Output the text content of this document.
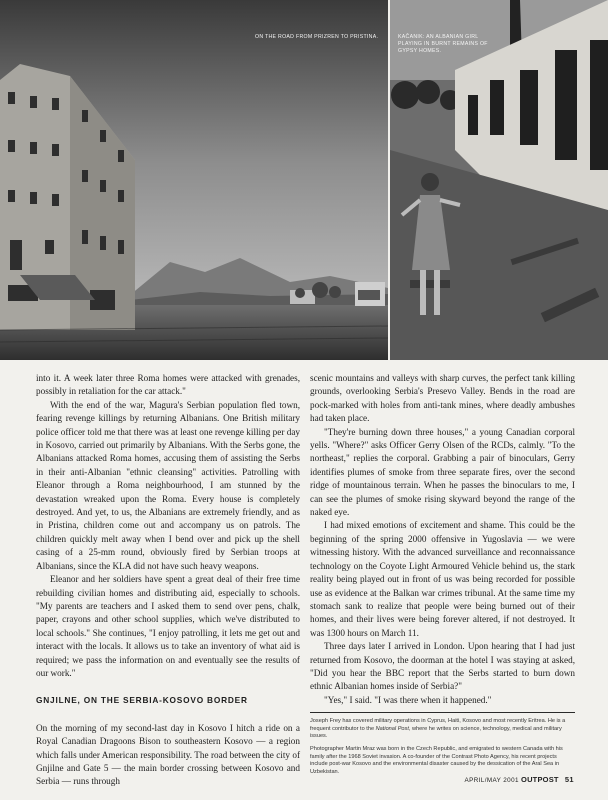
ON THE ROAD FROM PRIZREN TO PRISTINA.	KAČANIK: AN ALBANIAN GIRL PLAYING IN BURNT REMAINS OF GYPSY HOMES.

into it. A week later three Roma homes were attacked with grenades, possibly in retaliation for the car attack."

With the end of the war, Magura's Serbian population fled town, fearing revenge killings by returning Albanians. One British military police officer told me that there was at least one revenge killing per day in Kosovo, carried out primarily by Albanians. With the Serbs gone, the Albanians attacked Roma homes, accusing them of assisting the Serbs in their anti-Albanian "ethnic cleansing" activities. Patrolling with Eleanor through a Roma neighbourhood, I am stunned by the devastation wreaked upon the Roma. Every house is completely destroyed. And yet, to us, the Albanians are extremely friendly, and as in Pristina, children come out and accompany us on patrols. The children quickly melt away when I bend over and pick up the shell casing of a 25-mm round, obviously fired by Serbian troops at Albanians, since the KLA did not have such heavy weapons.

Eleanor and her soldiers have spent a great deal of their free time rebuilding civilian homes and distributing aid, especially to schools. "My parents are teachers and I asked them to send over pens, chalk, paper, crayons and other school supplies, which we've distributed to local schools." She continues, "I enjoy patrolling, it lets me get out and interact with the locals. It allows us to take an inventory of what aid is required; we pass the information on and eventually see the results of our work."

GNJILNE, ON THE SERBIA-KOSOVO BORDER

On the morning of my second-last day in Kosovo I hitch a ride on a Royal Canadian Dragoons Bison to southeastern Kosovo — a region which falls under American responsibility. The road between the city of Gnjilne and Gate 5 — the main border crossing between Kosovo and Serbia — runs through

scenic mountains and valleys with sharp curves, the perfect tank killing grounds, overlooking Serbia's Presevo Valley. Bends in the road are pock-marked with holes from anti-tank mines, where deadly ambushes had taken place.

"They're burning down three houses," a young Canadian corporal yells. "Where?" asks Officer Gerry Olsen of the RCDs, calmly. "To the northeast," replies the corporal. Grabbing a pair of binoculars, Gerry identifies plumes of smoke from three separate fires, over the second ridge of mountainous terrain. When he passes the binoculars to me, I can see the plumes of smoke rising skyward beyond the range of the naked eye.

I had mixed emotions of excitement and shame. This could be the beginning of the spring 2000 offensive in Yugoslavia — we were witnessing history. With the advanced surveillance and reconnaissance technology on the Coyote Light Armoured Vehicle behind us, the stark reality being played out in front of us was being recorded for possible use as evidence at the Balkan war crimes tribunal. At the same time my stomach sank to realize that people were being burned out of their homes, and their lives were being forever altered, if not destroyed. It was 1300 hours on March 11.

Three days later I arrived in London. Upon hearing that I had just returned from Kosovo, the doorman at the hotel I was staying at asked, "Did you hear the BBC report that the Serbs started to burn down ethnic Albanian homes inside of Serbia?"

"Yes," I said. "I was there when it happened."

Joseph Frey has covered military operations in Cyprus, Haiti, Kosovo and most recently Eritrea. He is a frequent contributor to the National Post, where he writes on science, technology, medical and military issues.

Photographer Martin Mraz was born in the Czech Republic, and emigrated to western Canada with his family after the 1968 Soviet invasion. A co-founder of the Contrast Photo Agency, his recent projects include post-war Kosovo and the environmental disaster caused by the dessication of the Aral Sea in Uzbekistan.

APRIL/MAY 2001 OUTPOST 51
